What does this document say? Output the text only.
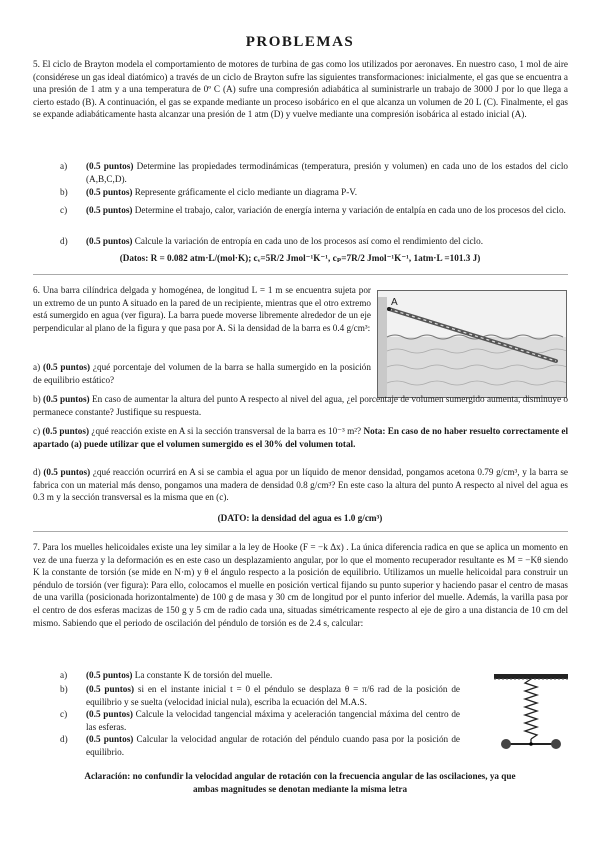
PROBLEMAS

5. El ciclo de Brayton modela el comportamiento de motores de turbina de gas como los utilizados por aeronaves. En nuestro caso, 1 mol de aire (considérese un gas ideal diatómico) a través de un ciclo de Brayton sufre las siguientes transformaciones: inicialmente, el gas que se encuentra a una presión de 1 atm y a una temperatura de 0º C (A) sufre una compresión adiabática al suministrarle un trabajo de 3000 J por lo que llega a cierto estado (B). A continuación, el gas se expande mediante un proceso isobárico en el que alcanza un volumen de 20 L (C). Finalmente, el gas se expande adiabáticamente hasta alcanzar una presión de 1 atm (D) y vuelve mediante una compresión isobárica al estado inicial (A).

a) (0.5 puntos) Determine las propiedades termodinámicas (temperatura, presión y volumen) en cada uno de los estados del ciclo (A,B,C,D).
b) (0.5 puntos) Represente gráficamente el ciclo mediante un diagrama P-V.
c) (0.5 puntos) Determine el trabajo, calor, variación de energía interna y variación de entalpía en cada uno de los procesos del ciclo.
d) (0.5 puntos) Calcule la variación de entropía en cada uno de los procesos así como el rendimiento del ciclo.
(Datos: R = 0.082 atm·L/(mol·K); cᵥ=5R/2 Jmol⁻¹K⁻¹, cₚ=7R/2 Jmol⁻¹K⁻¹, 1atm·L =101.3 J)

6. Una barra cilíndrica delgada y homogénea, de longitud L = 1 m se encuentra sujeta por un extremo de un punto A situado en la pared de un recipiente, mientras que el otro extremo está sumergido en agua (ver figura). La barra puede moverse libremente alrededor de un eje perpendicular al plano de la figura y que pasa por A. Si la densidad de la barra es 0.4 g/cm³:

A
a) (0.5 puntos) ¿qué porcentaje del volumen de la barra se halla sumergido en la posición de equilibrio estático?
b) (0.5 puntos) En caso de aumentar la altura del punto A respecto al nivel del agua, ¿el porcentaje de volumen sumergido aumenta, disminuye o permanece constante? Justifique su respuesta.
c) (0.5 puntos) ¿qué reacción existe en A si la sección transversal de la barra es 10⁻³ m²? Nota: En caso de no haber resuelto correctamente el apartado (a) puede utilizar que el volumen sumergido es el 30% del volumen total.
d) (0.5 puntos) ¿qué reacción ocurrirá en A si se cambia el agua por un líquido de menor densidad, pongamos acetona 0.79 g/cm³, y la barra se fabrica con un material más denso, pongamos una madera de densidad 0.8 g/cm³? En este caso la altura del punto A respecto al nivel del agua es 0.3 m y la sección transversal es la misma que en (c).
(DATO: la densidad del agua es 1.0 g/cm³)

7. Para los muelles helicoidales existe una ley similar a la ley de Hooke (F = −k Δx) . La única diferencia radica en que se aplica un momento en vez de una fuerza y la deformación es en este caso un desplazamiento angular, por lo que el momento recuperador resultante es M = −Kθ siendo K la constante de torsión (se mide en N·m) y θ el ángulo respecto a la posición de equilibrio. Utilizamos un muelle helicoidal para construir un péndulo de torsión (ver figura): Para ello, colocamos el muelle en posición vertical fijando su punto superior y haciendo pasar el centro de masas de una varilla (posicionada horizontalmente) de 100 g de masa y 30 cm de longitud por el punto inferior del muelle. Además, la varilla pasa por el centro de dos esferas macizas de 150 g y 5 cm de radio cada una, situadas simétricamente respecto al eje de giro a una distancia de 10 cm del mismo. Sabiendo que el periodo de oscilación del péndulo de torsión es de 2.4 s, calcular:

a) (0.5 puntos) La constante K de torsión del muelle.
b) (0.5 puntos) si en el instante inicial t = 0 el péndulo se desplaza θ = π/6 rad de la posición de equilibrio y se suelta (velocidad inicial nula), escriba la ecuación del M.A.S.
c) (0.5 puntos) Calcule la velocidad tangencial máxima y aceleración tangencial máxima del centro de las esferas.
d) (0.5 puntos) Calcular la velocidad angular de rotación del péndulo cuando pasa por la posición de equilibrio.
Aclaración: no confundir la velocidad angular de rotación con la frecuencia angular de las oscilaciones, ya que ambas magnitudes se denotan mediante la misma letra
